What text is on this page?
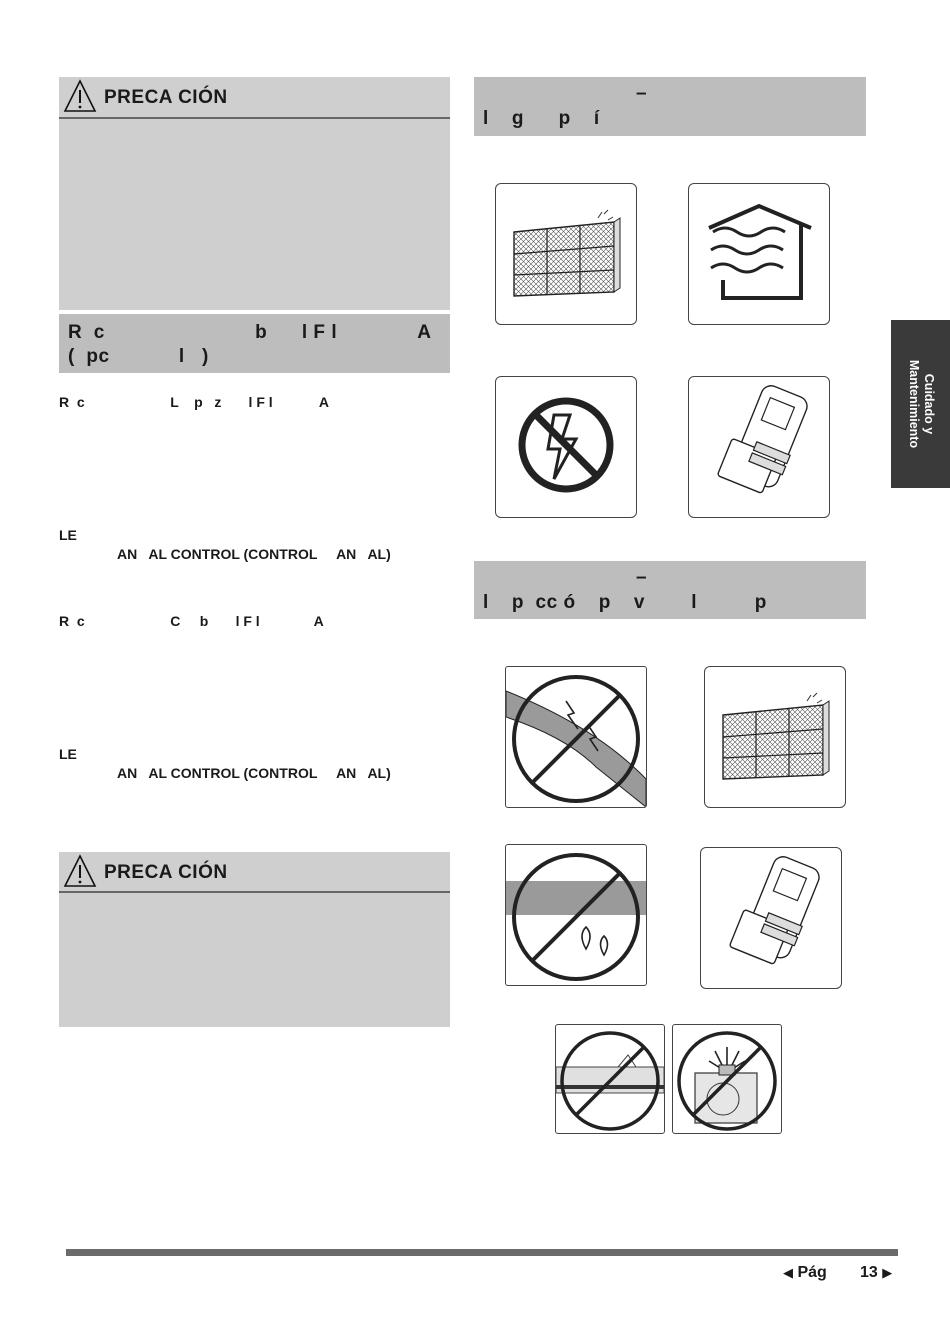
PRECA CIÓN
R  c                          b      l F l              A
(  pc            l   )
R  c                      L    p   z       l F l            A
LE
AN   AL CONTROL (CONTROL     AN   AL)
R  c                      C     b       l F l              A
LE
AN   AL CONTROL (CONTROL     AN   AL)
PRECA CIÓN
–
l    g      p    í
–
l    p  cc ó    p    v        l          p
Cuidado y
Mantenimiento
◀ Pág 13 ▶
